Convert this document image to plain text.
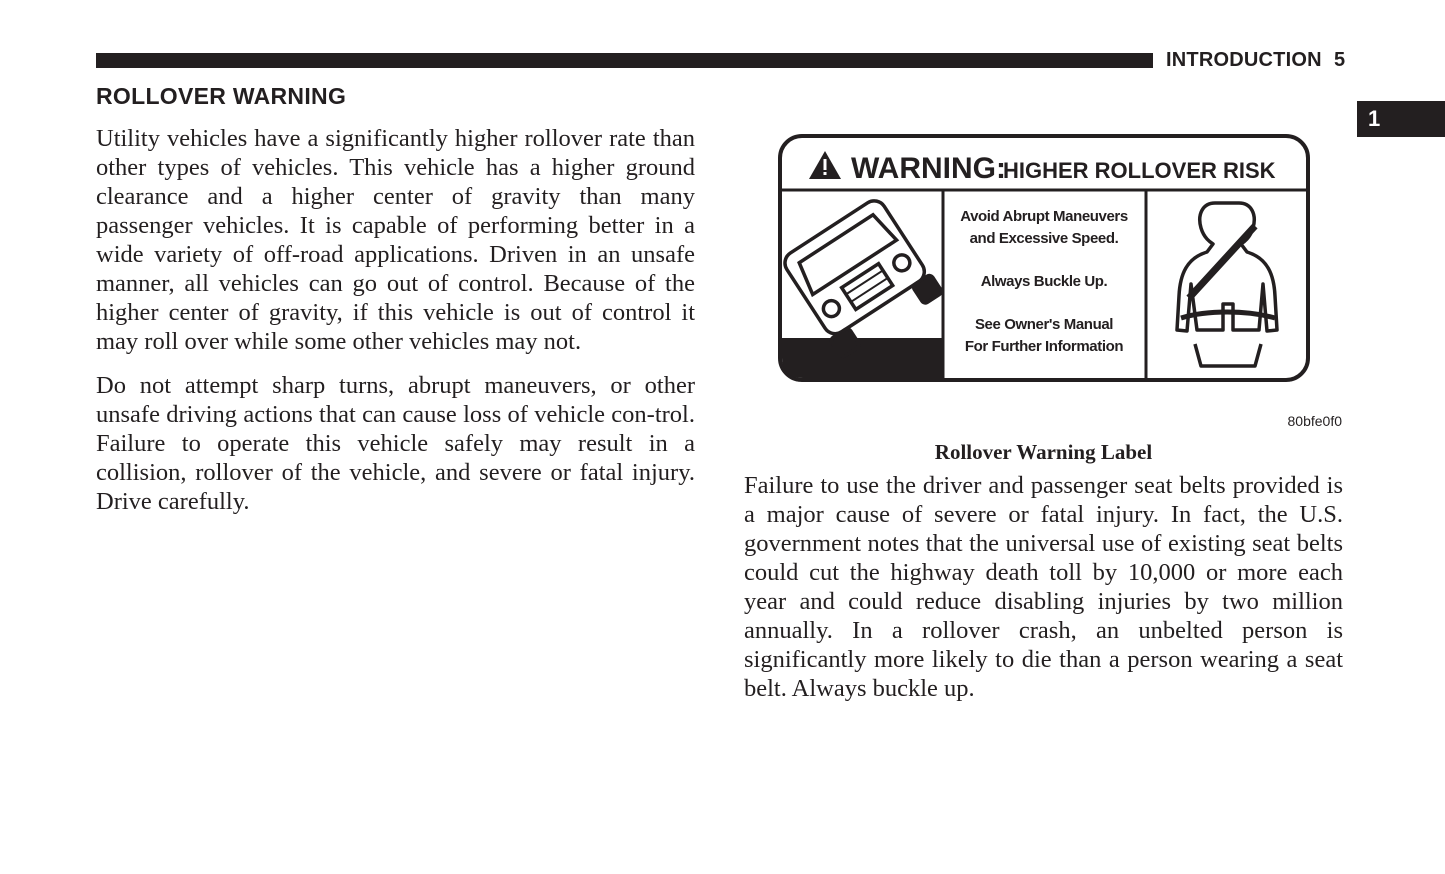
INTRODUCTION 5
1
ROLLOVER WARNING

Utility vehicles have a significantly higher rollover rate than other types of vehicles. This vehicle has a higher ground clearance and a higher center of gravity than many passenger vehicles. It is capable of performing better in a wide variety of off-road applications. Driven in an unsafe manner, all vehicles can go out of control. Because of the higher center of gravity, if this vehicle is out of control it may roll over while some other vehicles may not.

Do not attempt sharp turns, abrupt maneuvers, or other unsafe driving actions that can cause loss of vehicle con-trol. Failure to operate this vehicle safely may result in a collision, rollover of the vehicle, and severe or fatal injury. Drive carefully.

WARNING:
HIGHER ROLLOVER RISK
Avoid Abrupt Maneuvers
and Excessive Speed.
Always Buckle Up.
See Owner's Manual
For Further Information
80bfe0f0
Rollover Warning Label

Failure to use the driver and passenger seat belts provided is a major cause of severe or fatal injury. In fact, the U.S. government notes that the universal use of existing seat belts could cut the highway death toll by 10,000 or more each year and could reduce disabling injuries by two million annually. In a rollover crash, an unbelted person is significantly more likely to die than a person wearing a seat belt. Always buckle up.
